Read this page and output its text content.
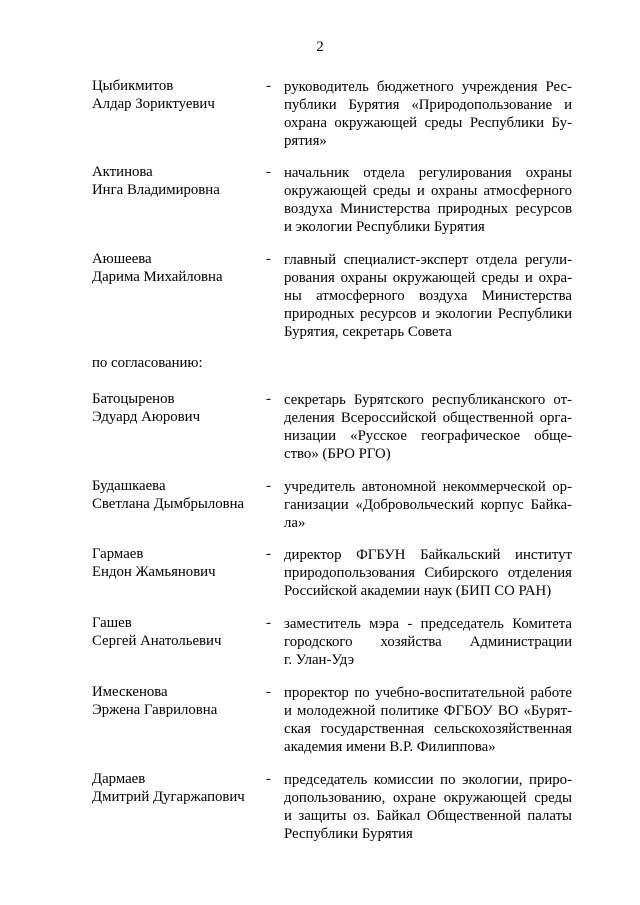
2
Цыбикмитов
Алдар Зориктуевич
- руководитель бюджетного учреждения Рес-
публики Бурятия «Природопользование и
охрана окружающей среды Республики Бу-
рятия»
Актинова
Инга Владимировна
- начальник отдела регулирования охраны
окружающей среды и охраны атмосферного
воздуха Министерства природных ресурсов
и экологии Республики Бурятия
Аюшеева
Дарима Михайловна
- главный специалист-эксперт отдела регули-
рования охраны окружающей среды и охра-
ны атмосферного воздуха Министерства
природных ресурсов и экологии Республики
Бурятия, секретарь Совета
по согласованию:
Батоцыренов
Эдуард Аюрович
- секретарь Бурятского республиканского от-
деления Всероссийской общественной орга-
низации «Русское географическое обще-
ство» (БРО РГО)
Будашкаева
Светлана Дымбрыловна
- учредитель автономной некоммерческой ор-
ганизации «Добровольческий корпус Байка-
ла»
Гармаев
Ендон Жамьянович
- директор ФГБУН Байкальский институт
природопользования Сибирского отделения
Российской академии наук (БИП СО РАН)
Гашев
Сергей Анатольевич
- заместитель мэра - председатель Комитета
городского хозяйства Администрации
г. Улан-Удэ
Имескенова
Эржена Гавриловна
- проректор по учебно-воспитательной работе
и молодежной политике ФГБОУ ВО «Бурят-
ская государственная сельскохозяйственная
академия имени В.Р. Филиппова»
Дармаев
Дмитрий Дугаржапович
- председатель комиссии по экологии, приро-
допользованию, охране окружающей среды
и защиты оз. Байкал Общественной палаты
Республики Бурятия
